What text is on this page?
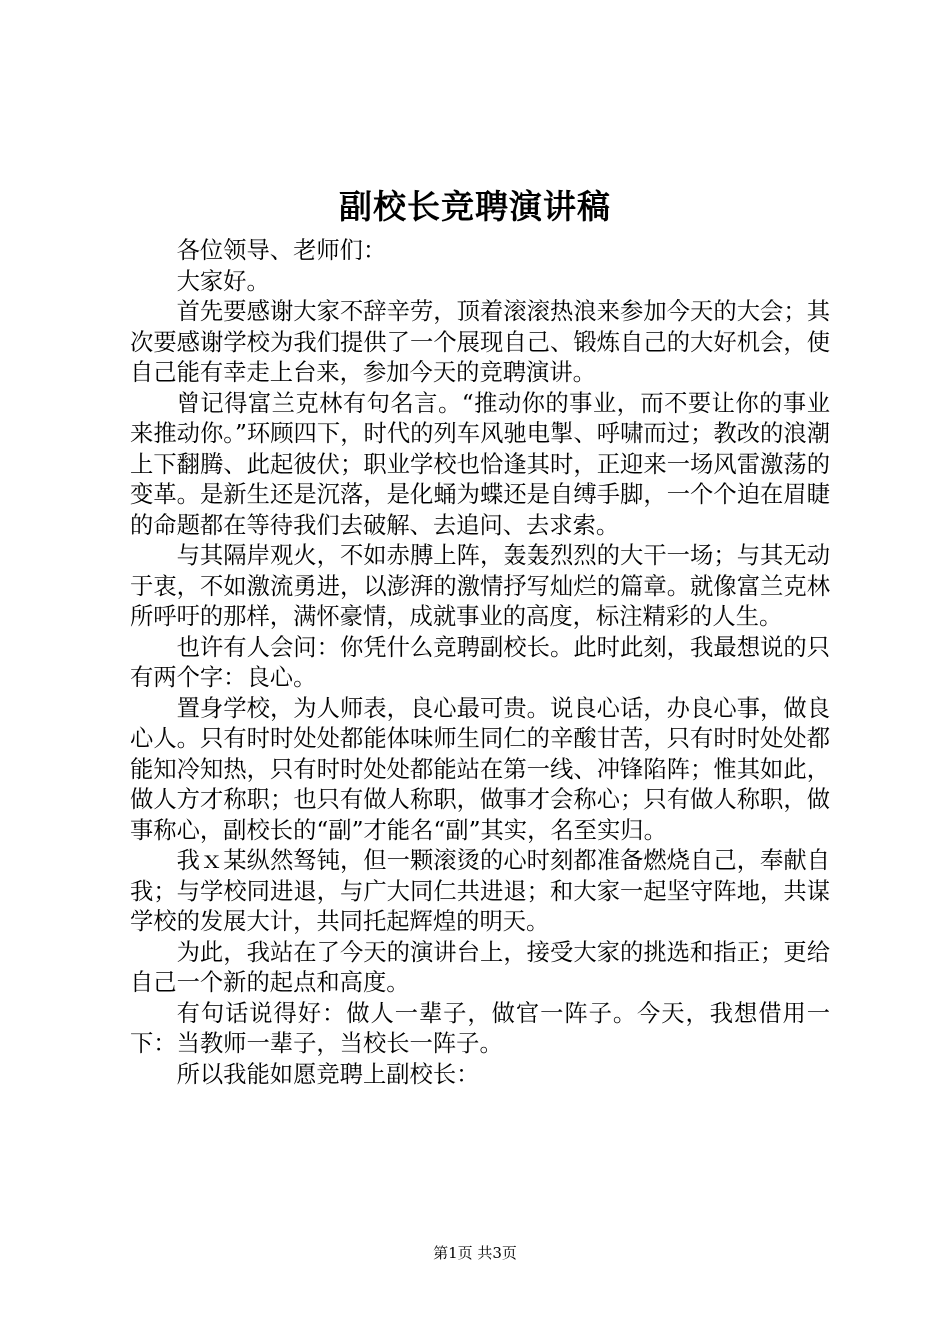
副校长竞聘演讲稿

各位领导、老师们：

大家好。

首先要感谢大家不辞辛劳，顶着滚滚热浪来参加今天的大会；其次要感谢学校为我们提供了一个展现自己、锻炼自己的大好机会，使自己能有幸走上台来，参加今天的竞聘演讲。

曾记得富兰克林有句名言。“推动你的事业，而不要让你的事业来推动你。”环顾四下，时代的列车风驰电掣、呼啸而过；教改的浪潮上下翻腾、此起彼伏；职业学校也恰逢其时，正迎来一场风雷激荡的变革。是新生还是沉落，是化蛹为蝶还是自缚手脚，一个个迫在眉睫的命题都在等待我们去破解、去追问、去求索。

与其隔岸观火，不如赤膊上阵，轰轰烈烈的大干一场；与其无动于衷，不如激流勇进，以澎湃的激情抒写灿烂的篇章。就像富兰克林所呼吁的那样，满怀豪情，成就事业的高度，标注精彩的人生。

也许有人会问：你凭什么竞聘副校长。此时此刻，我最想说的只有两个字：良心。

置身学校，为人师表，良心最可贵。说良心话，办良心事，做良心人。只有时时处处都能体味师生同仁的辛酸甘苦，只有时时处处都能知冷知热，只有时时处处都能站在第一线、冲锋陷阵；惟其如此，做人方才称职；也只有做人称职，做事才会称心；只有做人称职，做事称心，副校长的“副”才能名“副”其实，名至实归。

我ｘ某纵然驽钝，但一颗滚烫的心时刻都准备燃烧自己，奉献自我；与学校同进退，与广大同仁共进退；和大家一起坚守阵地，共谋学校的发展大计，共同托起辉煌的明天。

为此，我站在了今天的演讲台上，接受大家的挑选和指正；更给自己一个新的起点和高度。

有句话说得好：做人一辈子，做官一阵子。今天，我想借用一下：当教师一辈子，当校长一阵子。

所以我能如愿竞聘上副校长：

第1页 共3页
